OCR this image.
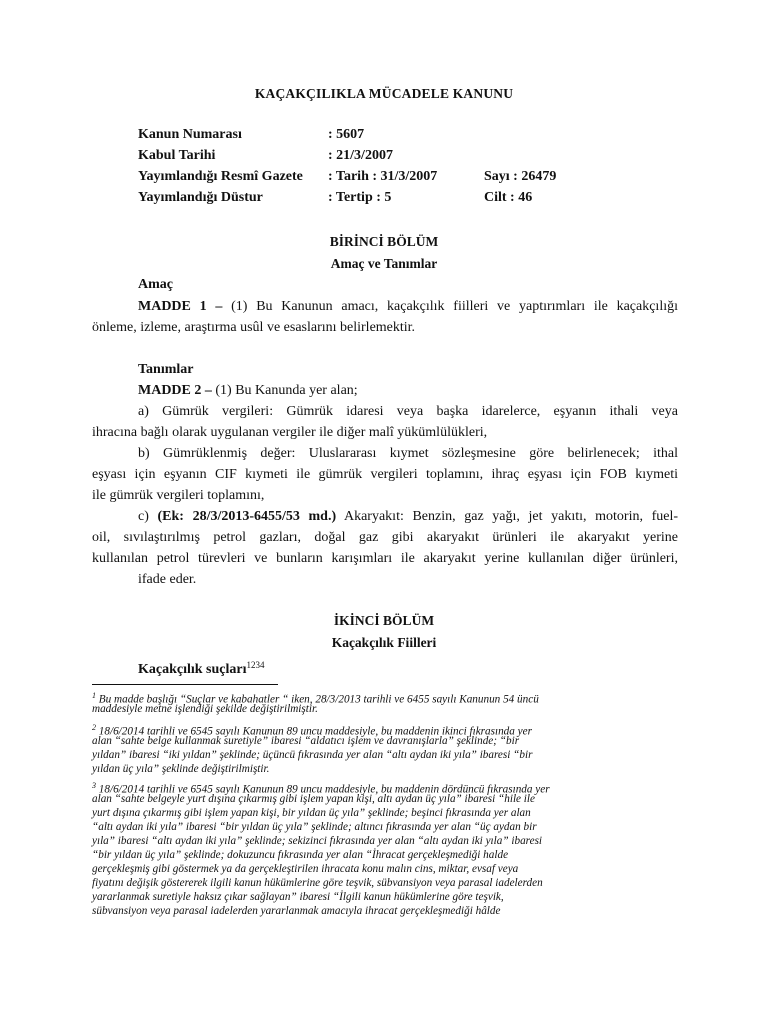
KAÇAKÇILIKLA MÜCADELE KANUNU
Kanun Numarası	: 5607
Kabul Tarihi	: 21/3/2007
Yayımlandığı Resmî Gazete : Tarih : 31/3/2007	Sayı : 26479
Yayımlandığı Düstur	: Tertip : 5	Cilt : 46
BİRİNCİ BÖLÜM
Amaç ve Tanımlar
Amaç
MADDE 1 – (1) Bu Kanunun amacı, kaçakçılık fiilleri ve yaptırımları ile kaçakçılığı
önleme, izleme, araştırma usûl ve esaslarını belirlemektir.
Tanımlar
MADDE 2 – (1) Bu Kanunda yer alan;
a) Gümrük vergileri: Gümrük idaresi veya başka idarelerce, eşyanın ithali veya
ihracına bağlı olarak uygulanan vergiler ile diğer malî yükümlülükleri,
b) Gümrüklenmiş değer: Uluslararası kıymet sözleşmesine göre belirlenecek; ithal
eşyası için eşyanın CIF kıymeti ile gümrük vergileri toplamını, ihraç eşyası için FOB kıymeti
ile gümrük vergileri toplamını,
c) (Ek: 28/3/2013-6455/53 md.) Akaryakıt: Benzin, gaz yağı, jet yakıtı, motorin, fuel-
oil, sıvılaştırılmış petrol gazları, doğal gaz gibi akaryakıt ürünleri ile akaryakıt yerine
kullanılan petrol türevleri ve bunların karışımları ile akaryakıt yerine kullanılan diğer ürünleri,
ifade eder.
İKİNCİ BÖLÜM
Kaçakçılık Fiilleri
Kaçakçılık suçları$^{1234}$
$^1$ Bu madde başlığı “Suçlar ve kabahatler “ iken, 28/3/2013 tarihli ve 6455 sayılı Kanunun 54 üncü
maddesiyle metne işlendiği şekilde değiştirilmiştir.
$^2$ 18/6/2014 tarihli ve 6545 sayılı Kanunun 89 uncu maddesiyle, bu maddenin ikinci fıkrasında yer
alan “sahte belge kullanmak suretiyle” ibaresi “aldatıcı işlem ve davranışlarla” şeklinde; “bir
yıldan” ibaresi “iki yıldan” şeklinde; üçüncü fıkrasında yer alan “altı aydan iki yıla” ibaresi “bir
yıldan üç yıla” şeklinde değiştirilmiştir.
$^3$ 18/6/2014 tarihli ve 6545 sayılı Kanunun 89 uncu maddesiyle, bu maddenin dördüncü fıkrasında yer
alan “sahte belgeyle yurt dışına çıkarmış gibi işlem yapan kişi, altı aydan üç yıla” ibaresi “hile ile
yurt dışına çıkarmış gibi işlem yapan kişi, bir yıldan üç yıla” şeklinde; beşinci fıkrasında yer alan
“altı aydan iki yıla” ibaresi “bir yıldan üç yıla” şeklinde; altıncı fıkrasında yer alan “üç aydan bir
yıla” ibaresi “altı aydan iki yıla” şeklinde; sekizinci fıkrasında yer alan “altı aydan iki yıla” ibaresi
“bir yıldan üç yıla” şeklinde; dokuzuncu fıkrasında yer alan “İhracat gerçekleşmediği halde
gerçekleşmiş gibi göstermek ya da gerçekleştirilen ihracata konu malın cins, miktar, evsaf veya
fiyatını değişik göstererek ilgili kanun hükümlerine göre teşvik, sübvansiyon veya parasal iadelerden
yararlanmak suretiyle haksız çıkar sağlayan” ibaresi “İlgili kanun hükümlerine göre teşvik,
sübvansiyon veya parasal iadelerden yararlanmak amacıyla ihracat gerçekleşmediği hâlde
